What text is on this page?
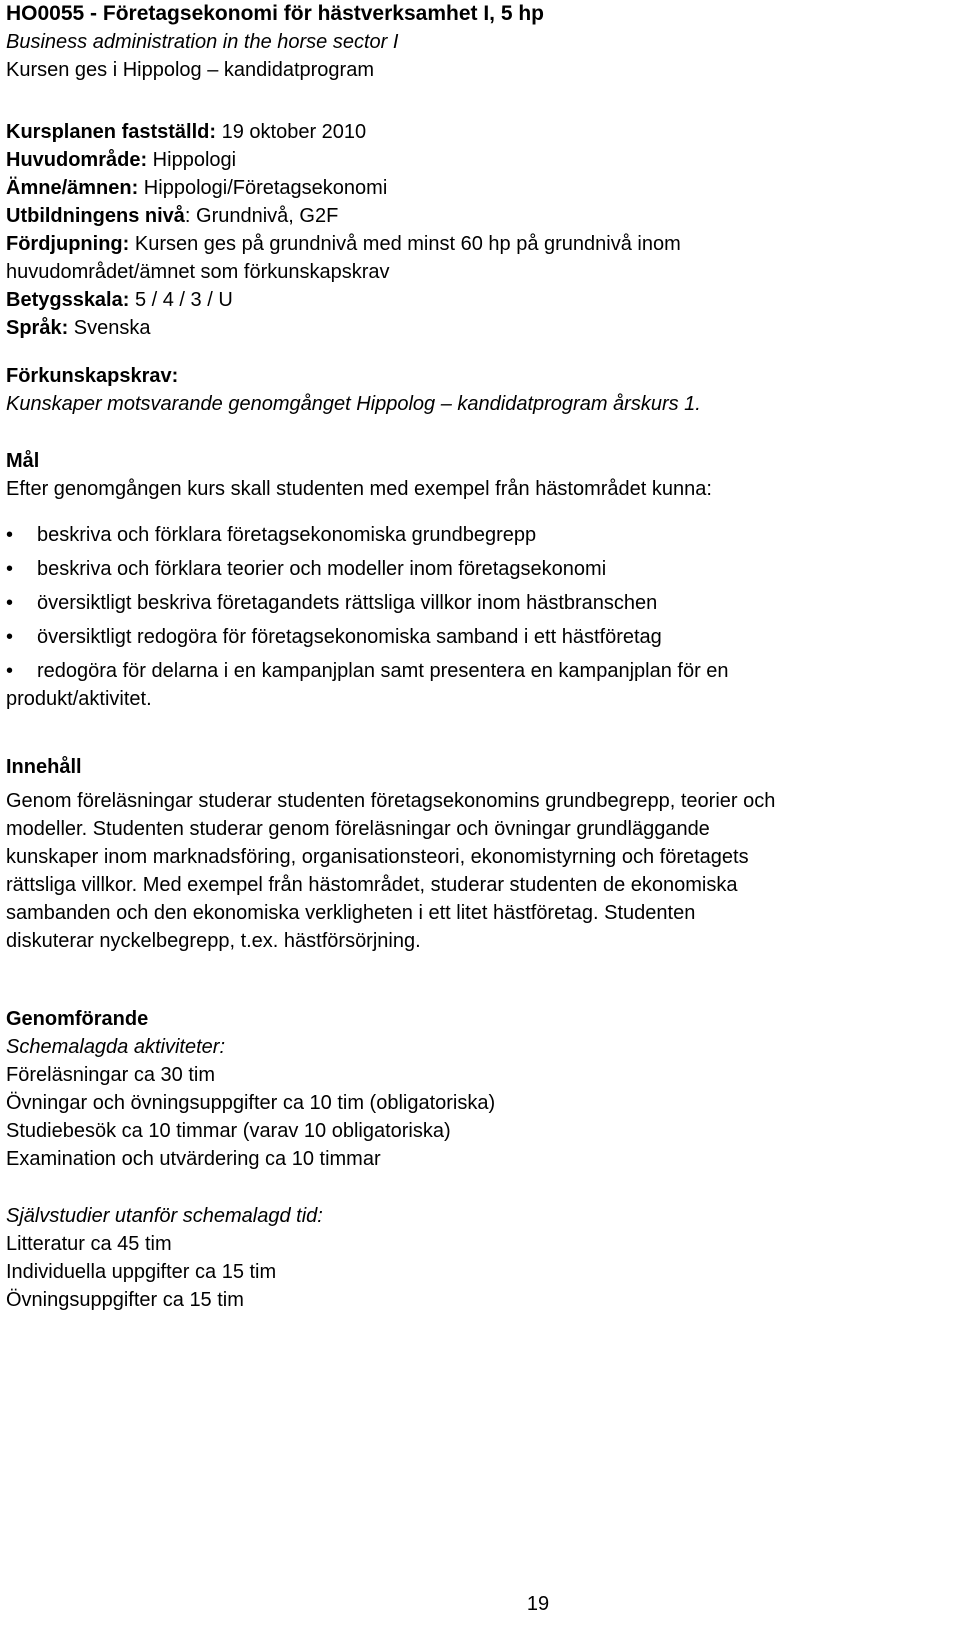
HO0055 - Företagsekonomi för hästverksamhet I, 5 hp
Business administration in the horse sector I
Kursen ges i Hippolog – kandidatprogram
Kursplanen fastställd: 19 oktober 2010
Huvudområde: Hippologi
Ämne/ämnen: Hippologi/Företagsekonomi
Utbildningens nivå: Grundnivå, G2F
Fördjupning: Kursen ges på grundnivå med minst 60 hp på grundnivå inom
huvudområdet/ämnet som förkunskapskrav
Betygsskala: 5 / 4 / 3 / U
Språk: Svenska
Förkunskapskrav:
Kunskaper motsvarande genomgånget Hippolog – kandidatprogram årskurs 1.
Mål
Efter genomgången kurs skall studenten med exempel från hästområdet kunna:
•	beskriva och förklara företagsekonomiska grundbegrepp
•	beskriva och förklara teorier och modeller inom företagsekonomi
•	översiktligt beskriva företagandets rättsliga villkor inom hästbranschen
•	översiktligt redogöra för företagsekonomiska samband i ett hästföretag
•	redogöra för delarna i en kampanjplan samt presentera en kampanjplan för en
produkt/aktivitet.
Innehåll
Genom föreläsningar studerar studenten företagsekonomins grundbegrepp, teorier och
modeller. Studenten studerar genom föreläsningar och övningar grundläggande
kunskaper inom marknadsföring, organisationsteori, ekonomistyrning och företagets
rättsliga villkor. Med exempel från hästområdet, studerar studenten de ekonomiska
sambanden och den ekonomiska verkligheten i ett litet hästföretag. Studenten
diskuterar nyckelbegrepp, t.ex. hästförsörjning.
Genomförande
Schemalagda aktiviteter:
Föreläsningar ca 30 tim
Övningar och övningsuppgifter ca 10 tim (obligatoriska)
Studiebesök ca 10 timmar (varav 10 obligatoriska)
Examination och utvärdering ca 10 timmar
Självstudier utanför schemalagd tid:
Litteratur ca 45 tim
Individuella uppgifter ca 15 tim
Övningsuppgifter ca 15 tim
19
